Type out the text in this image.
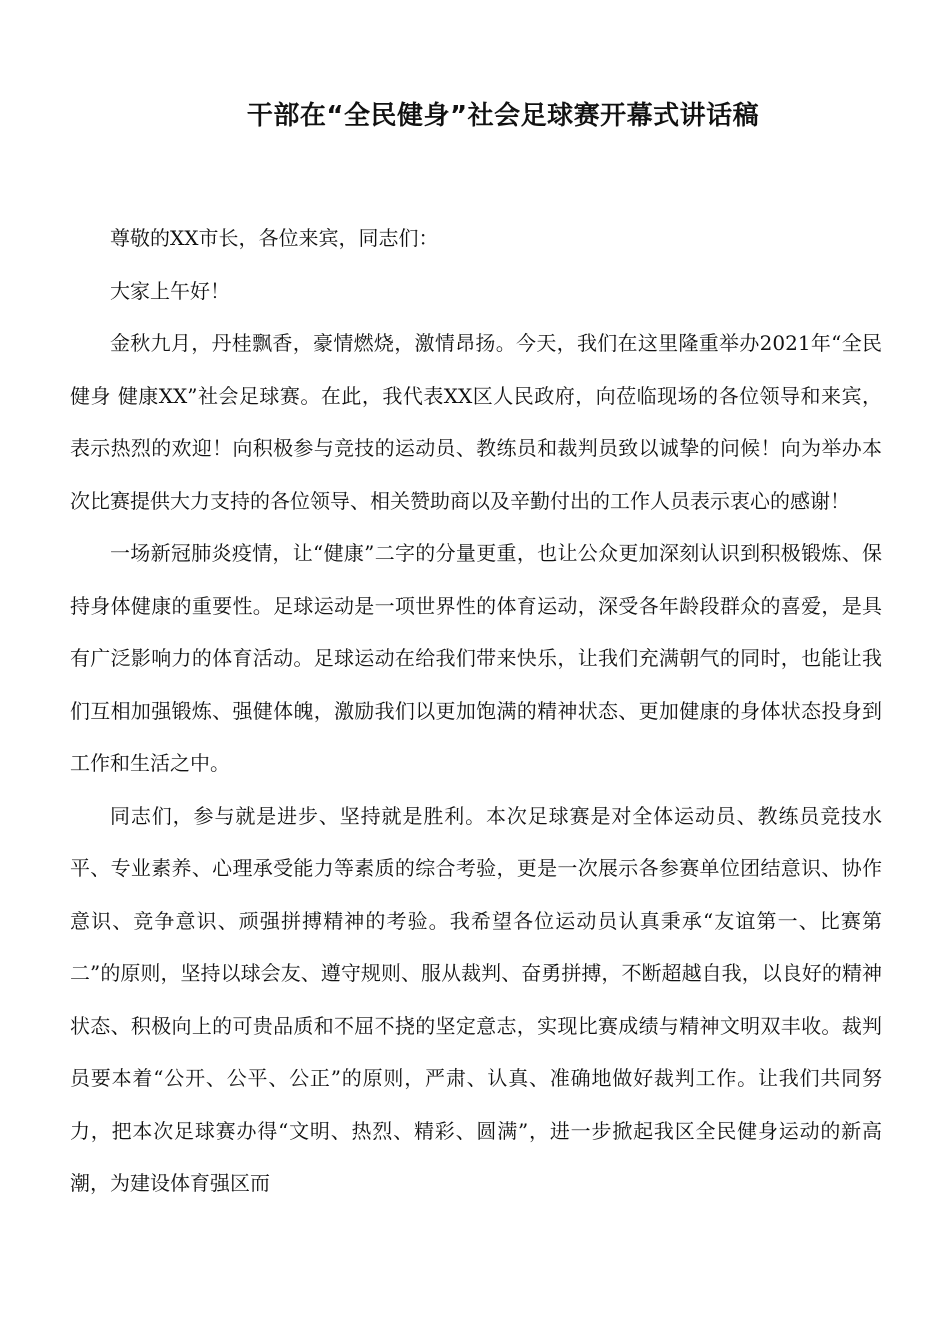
干部在“全民健身”社会足球赛开幕式讲话稿

尊敬的XX市长，各位来宾，同志们：

大家上午好！

金秋九月，丹桂飘香，豪情燃烧，激情昂扬。今天，我们在这里隆重举办2021年“全民健身 健康XX”社会足球赛。在此，我代表XX区人民政府，向莅临现场的各位领导和来宾，表示热烈的欢迎！向积极参与竞技的运动员、教练员和裁判员致以诚挚的问候！向为举办本次比赛提供大力支持的各位领导、相关赞助商以及辛勤付出的工作人员表示衷心的感谢！

一场新冠肺炎疫情，让“健康”二字的分量更重，也让公众更加深刻认识到积极锻炼、保持身体健康的重要性。足球运动是一项世界性的体育运动，深受各年龄段群众的喜爱，是具有广泛影响力的体育活动。足球运动在给我们带来快乐，让我们充满朝气的同时，也能让我们互相加强锻炼、强健体魄，激励我们以更加饱满的精神状态、更加健康的身体状态投身到工作和生活之中。

同志们，参与就是进步、坚持就是胜利。本次足球赛是对全体运动员、教练员竞技水平、专业素养、心理承受能力等素质的综合考验，更是一次展示各参赛单位团结意识、协作意识、竞争意识、顽强拼搏精神的考验。我希望各位运动员认真秉承“友谊第一、比赛第二”的原则，坚持以球会友、遵守规则、服从裁判、奋勇拼搏，不断超越自我，以良好的精神状态、积极向上的可贵品质和不屈不挠的坚定意志，实现比赛成绩与精神文明双丰收。裁判员要本着“公开、公平、公正”的原则，严肃、认真、准确地做好裁判工作。让我们共同努力，把本次足球赛办得“文明、热烈、精彩、圆满”，进一步掀起我区全民健身运动的新高潮，为建设体育强区而
